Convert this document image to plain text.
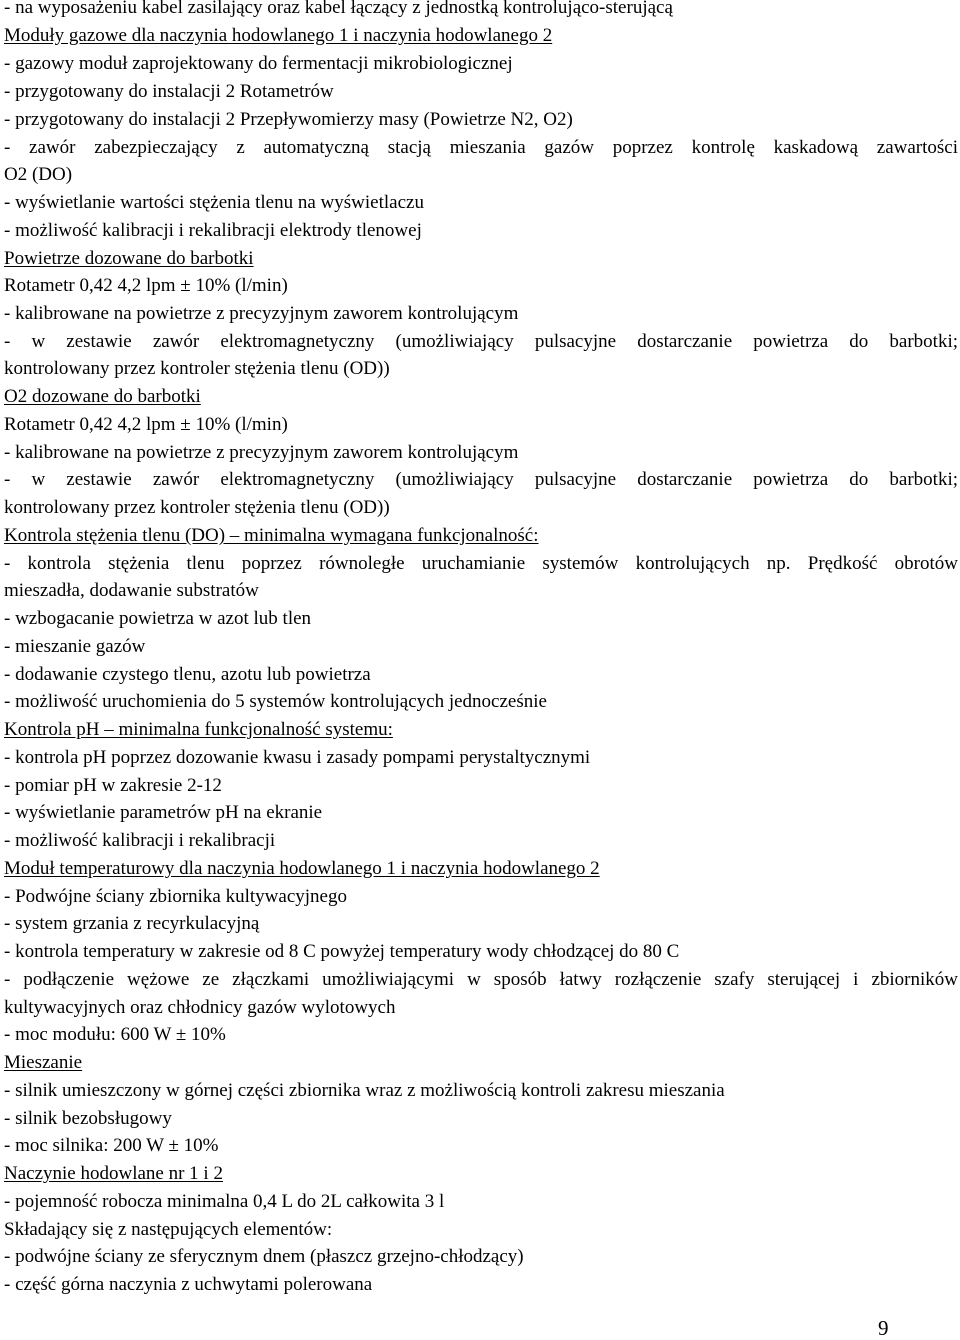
9
- na wyposażeniu kabel zasilający oraz kabel łączący z jednostką kontrolująco-sterującą
Moduły gazowe dla naczynia hodowlanego 1 i naczynia hodowlanego 2
- gazowy moduł zaprojektowany do fermentacji mikrobiologicznej
- przygotowany do instalacji 2 Rotametrów
- przygotowany do instalacji 2 Przepływomierzy masy (Powietrze N2, O2)
- zawór zabezpieczający z automatyczną stacją mieszania gazów poprzez kontrolę kaskadową zawartości
O2 (DO)
- wyświetlanie wartości stężenia tlenu na wyświetlaczu
- możliwość kalibracji i rekalibracji elektrody tlenowej
Powietrze dozowane do barbotki
Rotametr 0,42 4,2 lpm ± 10% (l/min)
- kalibrowane na powietrze z precyzyjnym zaworem kontrolującym
- w zestawie zawór elektromagnetyczny (umożliwiający pulsacyjne dostarczanie powietrza do barbotki;
kontrolowany przez kontroler stężenia tlenu (OD))
O2 dozowane do barbotki
Rotametr 0,42 4,2 lpm ± 10% (l/min)
- kalibrowane na powietrze z precyzyjnym zaworem kontrolującym
- w zestawie zawór elektromagnetyczny (umożliwiający pulsacyjne dostarczanie powietrza do barbotki;
kontrolowany przez kontroler stężenia tlenu (OD))
Kontrola stężenia tlenu (DO) – minimalna wymagana funkcjonalność:
- kontrola stężenia tlenu poprzez równoległe uruchamianie systemów kontrolujących np. Prędkość obrotów
mieszadła, dodawanie substratów
- wzbogacanie powietrza w azot lub tlen
- mieszanie gazów
- dodawanie czystego tlenu, azotu lub powietrza
- możliwość uruchomienia do 5 systemów kontrolujących jednocześnie
Kontrola pH – minimalna funkcjonalność systemu:
- kontrola pH poprzez dozowanie kwasu i zasady pompami perystaltycznymi
- pomiar pH w zakresie 2-12
- wyświetlanie parametrów pH na ekranie
- możliwość kalibracji i rekalibracji
Moduł temperaturowy dla naczynia hodowlanego 1 i naczynia hodowlanego 2
- Podwójne ściany zbiornika kultywacyjnego
- system grzania z recyrkulacyjną
- kontrola temperatury w zakresie od 8 C powyżej temperatury wody chłodzącej do 80 C
- podłączenie wężowe ze złączkami umożliwiającymi w sposób łatwy rozłączenie szafy sterującej i zbiorników
kultywacyjnych oraz chłodnicy gazów wylotowych
- moc modułu: 600 W ± 10%
Mieszanie
- silnik umieszczony w górnej części zbiornika wraz z możliwością kontroli zakresu mieszania
- silnik bezobsługowy
- moc silnika: 200 W ± 10%
Naczynie hodowlane nr 1 i 2
- pojemność robocza minimalna 0,4 L do 2L całkowita 3 l
Składający się z następujących elementów:
- podwójne ściany ze sferycznym dnem (płaszcz grzejno-chłodzący)
- część górna naczynia z uchwytami polerowana
